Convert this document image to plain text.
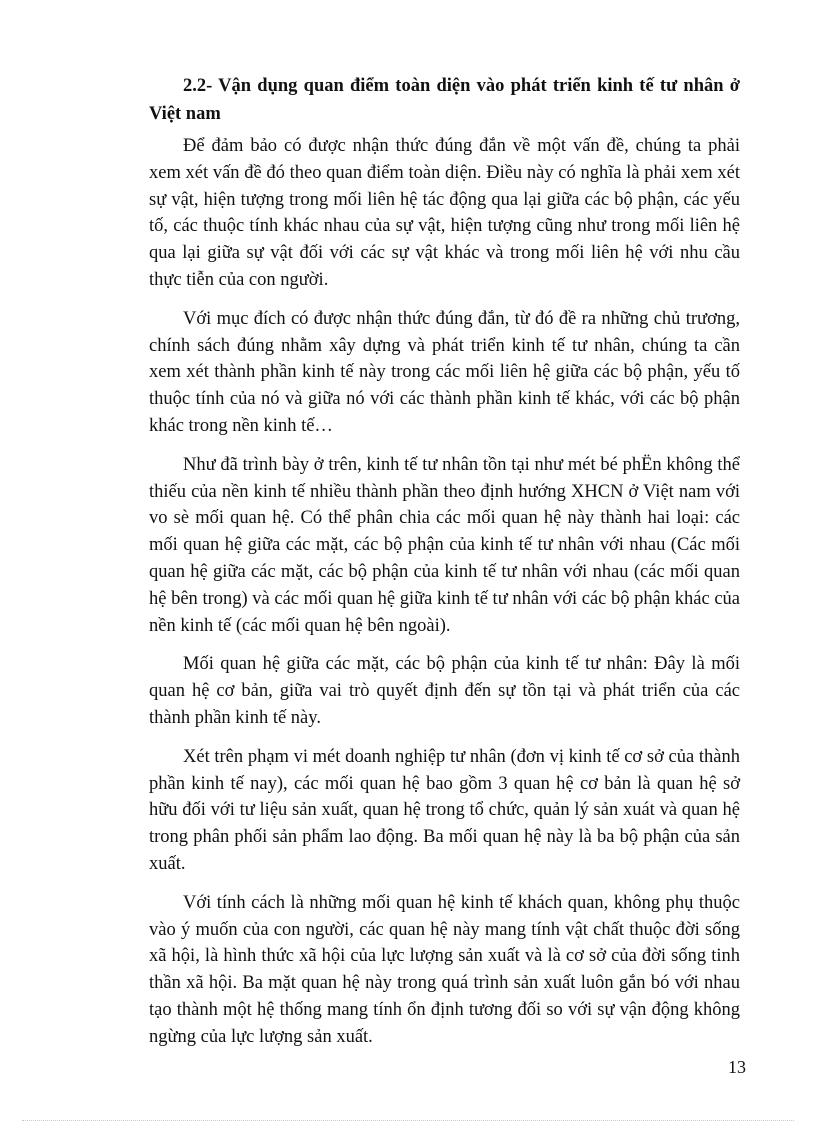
2.2- Vận dụng quan điểm toàn diện vào phát triển kinh tế tư nhân ở Việt nam

Để đảm bảo có được nhận thức đúng đắn về một vấn đề, chúng ta phải xem xét vấn đề đó theo quan điểm toàn diện. Điều này có nghĩa là phải xem xét sự vật, hiện tượng trong mối liên hệ tác động qua lại giữa các bộ phận, các yếu tố, các thuộc tính khác nhau của sự vật, hiện tượng cũng như trong mối liên hệ qua lại giữa sự vật đối với các sự vật khác và trong mối liên hệ với nhu cầu thực tiễn của con người.

Với mục đích có được nhận thức đúng đắn, từ đó đề ra những chủ trương, chính sách đúng nhằm xây dựng và phát triển kinh tế tư nhân, chúng ta cần xem xét thành phần kinh tế này trong các mối liên hệ giữa các bộ phận, yếu tố thuộc tính của nó và giữa nó với các thành phần kinh tế khác, với các bộ phận khác trong nền kinh tế…

Như đã trình bày ở trên, kinh tế tư nhân tồn tại như mét bé phËn không thể thiếu của nền kinh tế nhiều thành phần theo định hướng XHCN ở Việt nam với vo sè mối quan hệ. Có thể phân chia các mối quan hệ này thành hai loại: các mối quan hệ giữa các mặt, các bộ phận của kinh tế tư nhân với nhau (Các mối quan hệ giữa các mặt, các bộ phận của kinh tế tư nhân với nhau (các mối quan hệ bên trong) và các mối quan hệ giữa kinh tế tư nhân với các bộ phận khác của nền kinh tế (các mối quan hệ bên ngoài).

Mối quan hệ giữa các mặt, các bộ phận của kinh tế tư nhân: Đây là mối quan hệ cơ bản, giữa vai trò quyết định đến sự tồn tại và phát triển của các thành phần kinh tế này.

Xét trên phạm vi mét doanh nghiệp tư nhân (đơn vị kinh tế cơ sở của thành phần kinh tế nay), các mối quan hệ bao gồm 3 quan hệ cơ bản là quan hệ sở hữu đối với tư liệu sản xuất, quan hệ trong tổ chức, quản lý sản xuát và quan hệ trong phân phối sản phẩm lao động. Ba mối quan hệ này là ba bộ phận của sản xuất.

Với tính cách là những mối quan hệ kinh tế khách quan, không phụ thuộc vào ý muốn của con người, các quan hệ này mang tính vật chất thuộc đời sống xã hội, là hình thức xã hội của lực lượng sản xuất và là cơ sở của đời sống tinh thần xã hội. Ba mặt quan hệ này trong quá trình sản xuất luôn gắn bó với nhau tạo thành một hệ thống mang tính ổn định tương đối so với sự vận động không ngừng của lực lượng sản xuất.

13
